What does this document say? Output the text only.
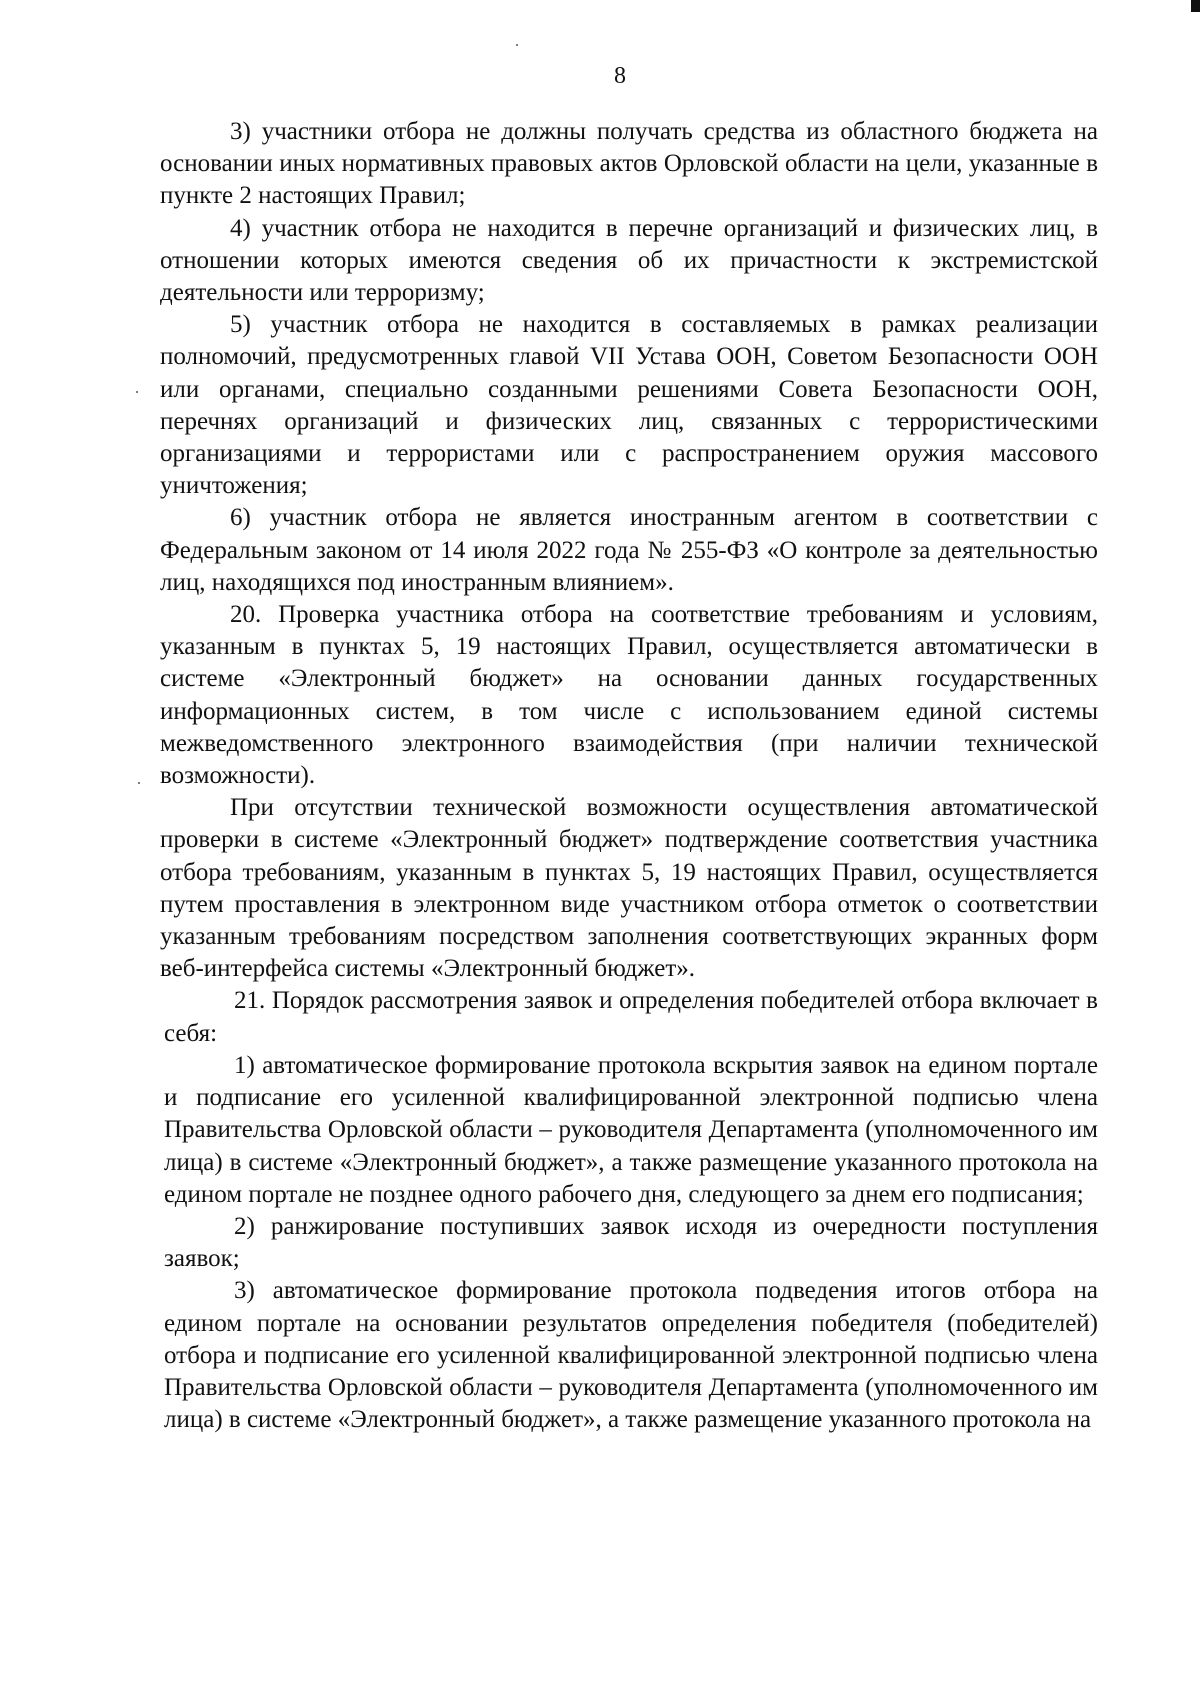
8

3) участники отбора не должны получать средства из областного бюджета на основании иных нормативных правовых актов Орловской области на цели, указанные в пункте 2 настоящих Правил;

4) участник отбора не находится в перечне организаций и физических лиц, в отношении которых имеются сведения об их причастности к экстремистской деятельности или терроризму;

5) участник отбора не находится в составляемых в рамках реализации полномочий, предусмотренных главой VII Устава ООН, Советом Безопасности ООН или органами, специально созданными решениями Совета Безопасности ООН, перечнях организаций и физических лиц, связанных с террористическими организациями и террористами или с распространением оружия массового уничтожения;

6) участник отбора не является иностранным агентом в соответствии с Федеральным законом от 14 июля 2022 года № 255-ФЗ «О контроле за деятельностью лиц, находящихся под иностранным влиянием».

20. Проверка участника отбора на соответствие требованиям и условиям, указанным в пунктах 5, 19 настоящих Правил, осуществляется автоматически в системе «Электронный бюджет» на основании данных государственных информационных систем, в том числе с использованием единой системы межведомственного электронного взаимодействия (при наличии технической возможности).

При отсутствии технической возможности осуществления автоматической проверки в системе «Электронный бюджет» подтверждение соответствия участника отбора требованиям, указанным в пунктах 5, 19 настоящих Правил, осуществляется путем проставления в электронном виде участником отбора отметок о соответствии указанным требованиям посредством заполнения соответствующих экранных форм веб-интерфейса системы «Электронный бюджет».

21. Порядок рассмотрения заявок и определения победителей отбора включает в себя:

1) автоматическое формирование протокола вскрытия заявок на едином портале и подписание его усиленной квалифицированной электронной подписью члена Правительства Орловской области – руководителя Департамента (уполномоченного им лица) в системе «Электронный бюджет», а также размещение указанного протокола на едином портале не позднее одного рабочего дня, следующего за днем его подписания;

2) ранжирование поступивших заявок исходя из очередности поступления заявок;

3) автоматическое формирование протокола подведения итогов отбора на едином портале на основании результатов определения победителя (победителей) отбора и подписание его усиленной квалифицированной электронной подписью члена Правительства Орловской области – руководителя Департамента (уполномоченного им лица) в системе «Электронный бюджет», а также размещение указанного протокола на
